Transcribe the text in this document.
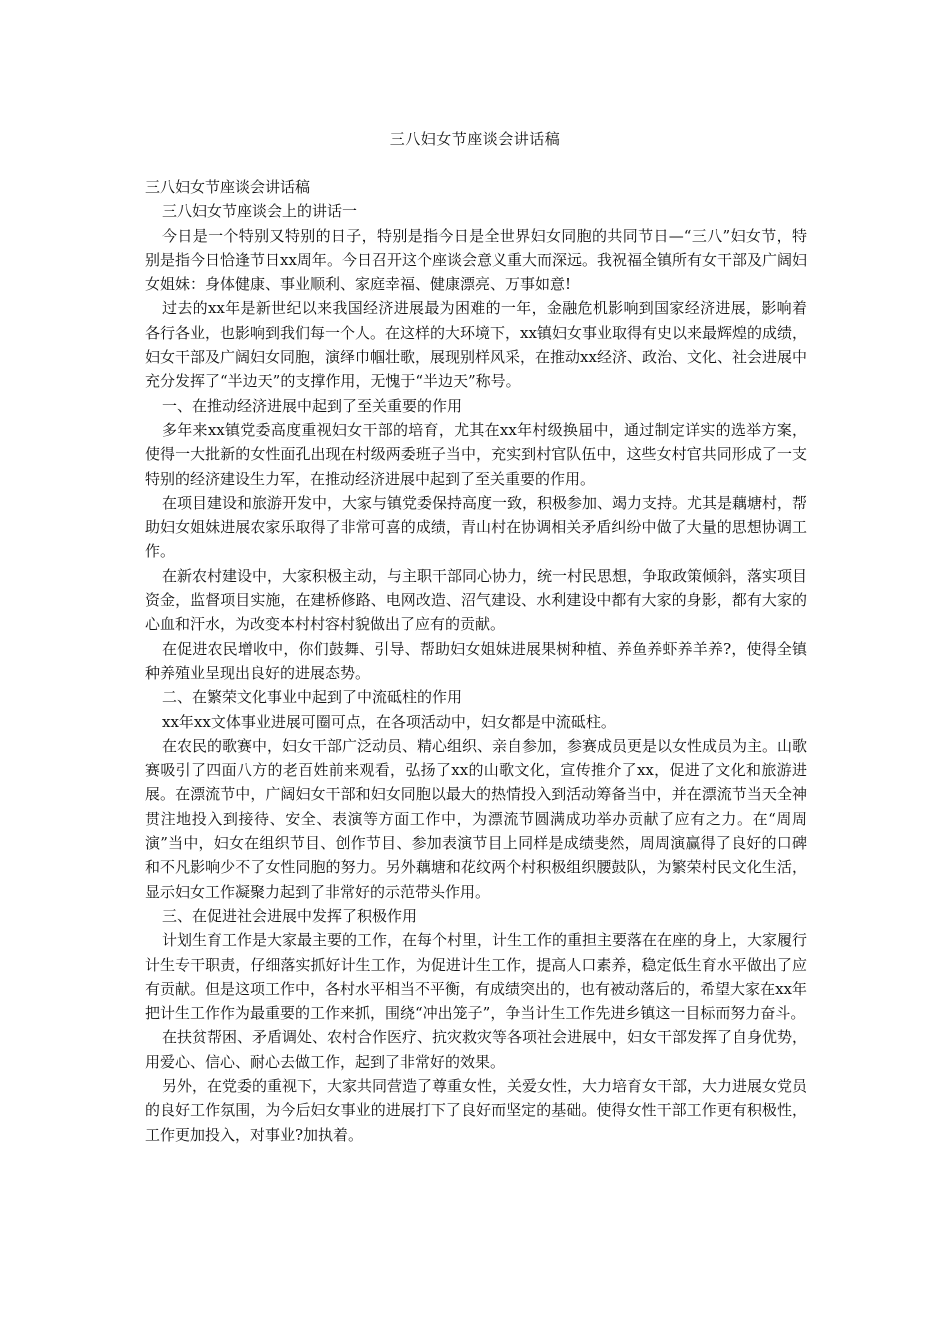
三八妇女节座谈会讲话稿

三八妇女节座谈会讲话稿

三八妇女节座谈会上的讲话一

今日是一个特别又特别的日子，特别是指今日是全世界妇女同胞的共同节日—“三八”妇女节，特别是指今日恰逢节日xx周年。今日召开这个座谈会意义重大而深远。我祝福全镇所有女干部及广阔妇女姐妹：身体健康、事业顺利、家庭幸福、健康漂亮、万事如意!

过去的xx年是新世纪以来我国经济进展最为困难的一年，金融危机影响到国家经济进展，影响着各行各业，也影响到我们每一个人。在这样的大环境下，xx镇妇女事业取得有史以来最辉煌的成绩，妇女干部及广阔妇女同胞，演绎巾帼壮歌，展现别样风采，在推动xx经济、政治、文化、社会进展中充分发挥了“半边天”的支撑作用，无愧于“半边天”称号。

一、在推动经济进展中起到了至关重要的作用

多年来xx镇党委高度重视妇女干部的培育，尤其在xx年村级换届中，通过制定详实的选举方案，使得一大批新的女性面孔出现在村级两委班子当中，充实到村官队伍中，这些女村官共同形成了一支特别的经济建设生力军，在推动经济进展中起到了至关重要的作用。

在项目建设和旅游开发中，大家与镇党委保持高度一致，积极参加、竭力支持。尤其是藕塘村，帮助妇女姐妹进展农家乐取得了非常可喜的成绩，青山村在协调相关矛盾纠纷中做了大量的思想协调工作。

在新农村建设中，大家积极主动，与主职干部同心协力，统一村民思想，争取政策倾斜，落实项目资金，监督项目实施，在建桥修路、电网改造、沼气建设、水利建设中都有大家的身影，都有大家的心血和汗水，为改变本村村容村貌做出了应有的贡献。

在促进农民增收中，你们鼓舞、引导、帮助妇女姐妹进展果树种植、养鱼养虾养羊养?，使得全镇种养殖业呈现出良好的进展态势。

二、在繁荣文化事业中起到了中流砥柱的作用

xx年xx文体事业进展可圈可点，在各项活动中，妇女都是中流砥柱。

在农民的歌赛中，妇女干部广泛动员、精心组织、亲自参加，参赛成员更是以女性成员为主。山歌赛吸引了四面八方的老百姓前来观看，弘扬了xx的山歌文化，宣传推介了xx，促进了文化和旅游进展。在漂流节中，广阔妇女干部和妇女同胞以最大的热情投入到活动筹备当中，并在漂流节当天全神贯注地投入到接待、安全、表演等方面工作中，为漂流节圆满成功举办贡献了应有之力。在“周周演”当中，妇女在组织节目、创作节目、参加表演节目上同样是成绩斐然，周周演赢得了良好的口碑和不凡影响少不了女性同胞的努力。另外藕塘和花纹两个村积极组织腰鼓队，为繁荣村民文化生活，显示妇女工作凝聚力起到了非常好的示范带头作用。

三、在促进社会进展中发挥了积极作用

计划生育工作是大家最主要的工作，在每个村里，计生工作的重担主要落在在座的身上，大家履行计生专干职责，仔细落实抓好计生工作，为促进计生工作，提高人口素养，稳定低生育水平做出了应有贡献。但是这项工作中，各村水平相当不平衡，有成绩突出的，也有被动落后的，希望大家在xx年把计生工作作为最重要的工作来抓，围绕“冲出笼子”，争当计生工作先进乡镇这一目标而努力奋斗。

在扶贫帮困、矛盾调处、农村合作医疗、抗灾救灾等各项社会进展中，妇女干部发挥了自身优势，用爱心、信心、耐心去做工作，起到了非常好的效果。

另外，在党委的重视下，大家共同营造了尊重女性，关爱女性，大力培育女干部，大力进展女党员的良好工作氛围，为今后妇女事业的进展打下了良好而坚定的基础。使得女性干部工作更有积极性，工作更加投入，对事业?加执着。
